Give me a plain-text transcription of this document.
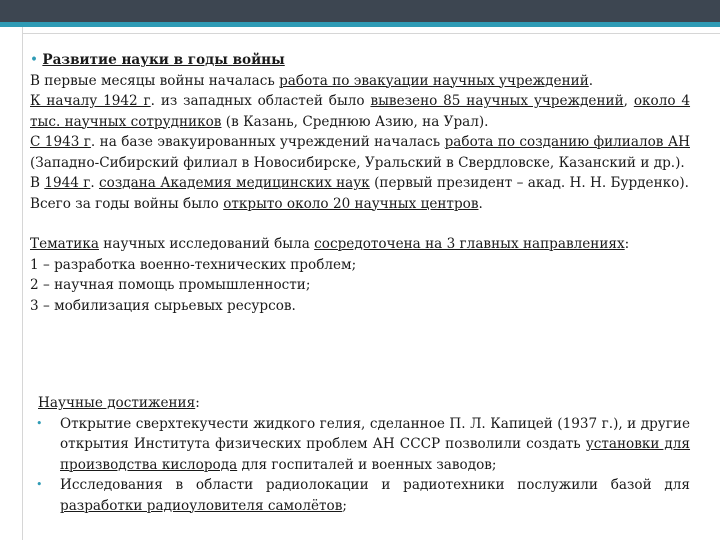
• Развитие науки в годы войны

В первые месяцы войны началась работа по эвакуации научных учреждений.

К началу 1942 г. из западных областей было вывезено 85 научных учреждений, около 4 тыс. научных сотрудников (в Казань, Среднюю Азию, на Урал).

С 1943 г. на базе эвакуированных учреждений началась работа по созданию филиалов АН (Западно-Сибирский филиал в Новосибирске, Уральский в Свердловске, Казанский и др.).

В 1944 г. создана Академия медицинских наук (первый президент – акад. Н. Н. Бурденко).

Всего за годы войны было открыто около 20 научных центров.

Тематика научных исследований была сосредоточена на 3 главных направлениях:

1 – разработка военно-технических проблем;

2 – научная помощь промышленности;

3 – мобилизация сырьевых ресурсов.

Научные достижения:

• Открытие сверхтекучести жидкого гелия, сделанное П. Л. Капицей (1937 г.), и другие открытия Института физических проблем АН СССР позволили создать установки для производства кислорода для госпиталей и военных заводов;

• Исследования в области радиолокации и радиотехники послужили базой для разработки радиоуловителя самолётов;
